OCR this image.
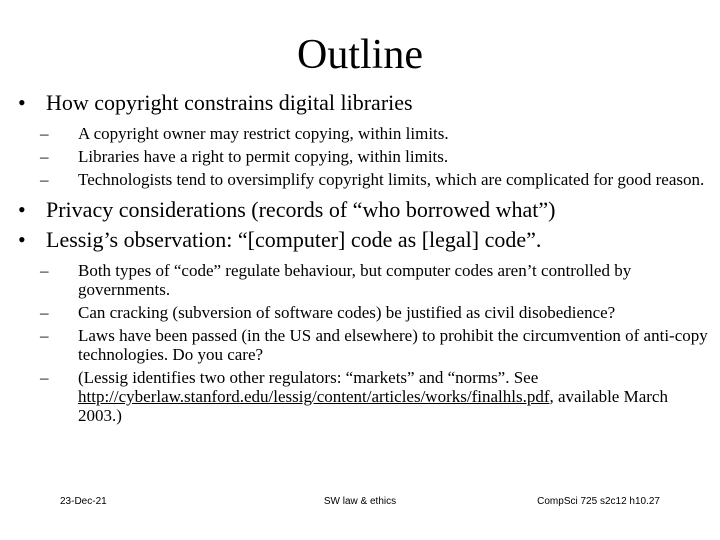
Outline
• How copyright constrains digital libraries
– A copyright owner may restrict copying, within limits.
– Libraries have a right to permit copying, within limits.
– Technologists tend to oversimplify copyright limits, which are complicated for good reason.
• Privacy considerations (records of “who borrowed what”)
• Lessig’s observation: “[computer] code as [legal] code”.
– Both types of “code” regulate behaviour, but computer codes aren’t controlled by governments.
– Can cracking (subversion of software codes) be justified as civil disobedience?
– Laws have been passed (in the US and elsewhere) to prohibit the circumvention of anti-copy technologies. Do you care?
– (Lessig identifies two other regulators: “markets” and “norms”. See http://cyberlaw.stanford.edu/lessig/content/articles/works/finalhls.pdf, available March 2003.)
23-Dec-21	SW law & ethics	CompSci 725 s2c12 h10.27
